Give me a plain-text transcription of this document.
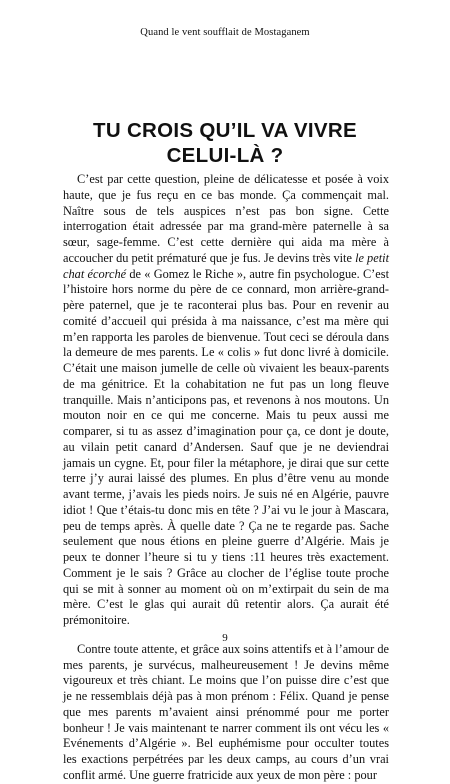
Quand le vent soufflait de Mostaganem
TU CROIS QU’IL VA VIVRE
CELUI-LÀ ?

C’est par cette question, pleine de délicatesse et posée à voix haute, que je fus reçu en ce bas monde. Ça commençait mal. Naître sous de tels auspices n’est pas bon signe. Cette interrogation était adressée par ma grand-mère paternelle à sa sœur, sage-femme. C’est cette dernière qui aida ma mère à accoucher du petit prématuré que je fus. Je devins très vite le petit chat écorché de « Gomez le Riche », autre fin psychologue. C’est l’histoire hors norme du père de ce connard, mon arrière-grand-père paternel, que je te raconterai plus bas. Pour en revenir au comité d’accueil qui présida à ma naissance, c’est ma mère qui m’en rapporta les paroles de bienvenue. Tout ceci se déroula dans la demeure de mes parents. Le « colis » fut donc livré à domicile. C’était une maison jumelle de celle où vivaient les beaux-parents de ma génitrice. Et la cohabitation ne fut pas un long fleuve tranquille. Mais n’anticipons pas, et revenons à nos moutons. Un mouton noir en ce qui me concerne. Mais tu peux aussi me comparer, si tu as assez d’imagination pour ça, ce dont je doute, au vilain petit canard d’Andersen. Sauf que je ne deviendrai jamais un cygne. Et, pour filer la métaphore, je dirai que sur cette terre j’y aurai laissé des plumes. En plus d’être venu au monde avant terme, j’avais les pieds noirs. Je suis né en Algérie, pauvre idiot ! Que t’étais-tu donc mis en tête ? J’ai vu le jour à Mascara, peu de temps après. À quelle date ? Ça ne te regarde pas. Sache seulement que nous étions en pleine guerre d’Algérie. Mais je peux te donner l’heure si tu y tiens :11 heures très exactement. Comment je le sais ? Grâce au clocher de l’église toute proche qui se mit à sonner au moment où on m’extirpait du sein de ma mère. C’est le glas qui aurait dû retentir alors. Ça aurait été prémonitoire.

Contre toute attente, et grâce aux soins attentifs et à l’amour de mes parents, je survécus, malheureusement ! Je devins même vigoureux et très chiant. Le moins que l’on puisse dire c’est que je ne ressemblais déjà pas à mon prénom : Félix. Quand je pense que mes parents m’avaient ainsi prénommé pour me porter bonheur ! Je vais maintenant te narrer comment ils ont vécu les « Evénements d’Algérie ». Bel euphémisme pour occulter toutes les exactions perpétrées par les deux camps, au cours d’un vrai conflit armé. Une guerre fratricide aux yeux de mon père : pour

9
